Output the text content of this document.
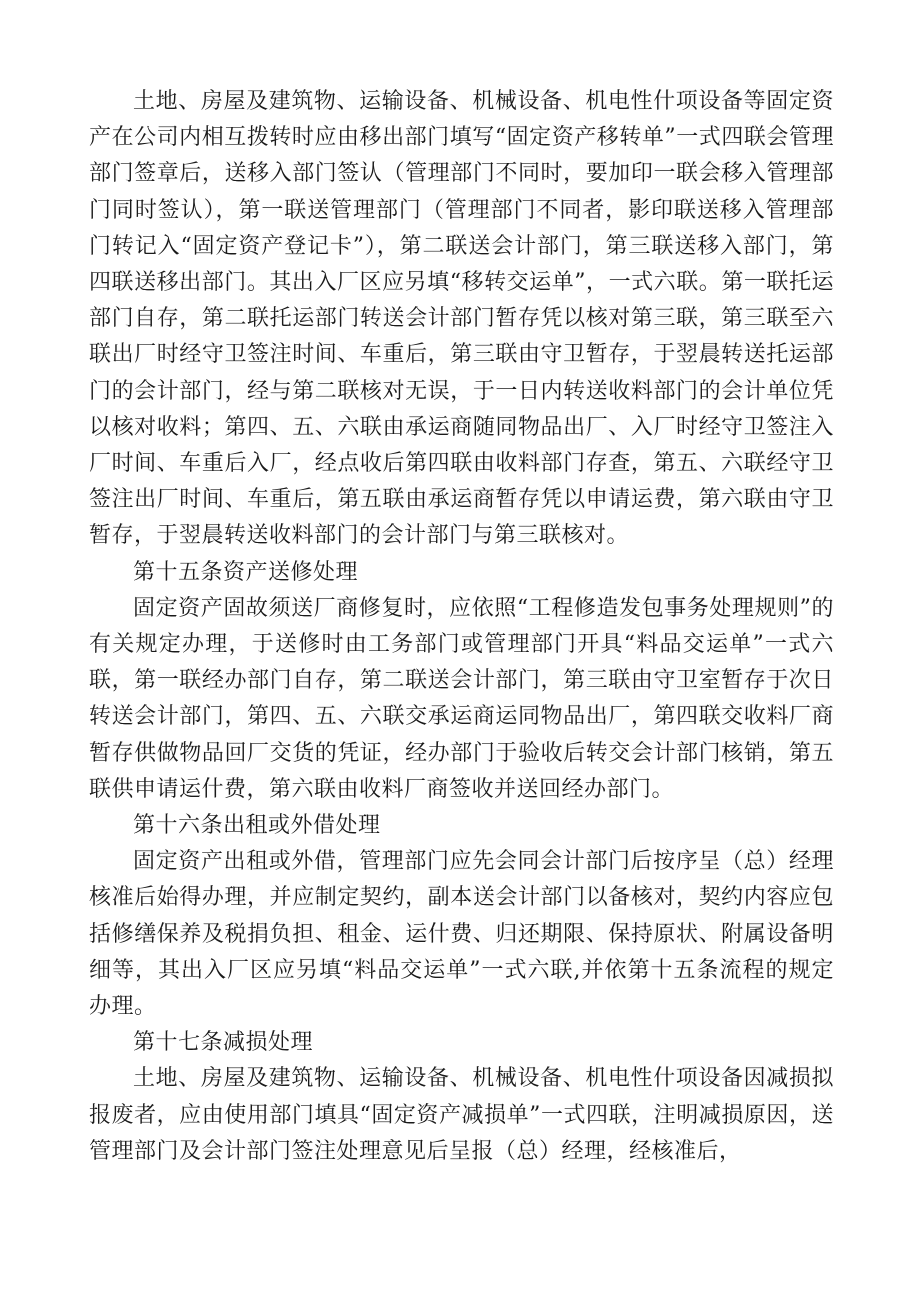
土地、房屋及建筑物、运输设备、机械设备、机电性什项设备等固定资产在公司内相互拨转时应由移出部门填写“固定资产移转单”一式四联会管理部门签章后，送移入部门签认（管理部门不同时，要加印一联会移入管理部门同时签认），第一联送管理部门（管理部门不同者，影印联送移入管理部门转记入“固定资产登记卡”），第二联送会计部门，第三联送移入部门，第四联送移出部门。其出入厂区应另填“移转交运单”，一式六联。第一联托运部门自存，第二联托运部门转送会计部门暂存凭以核对第三联，第三联至六联出厂时经守卫签注时间、车重后，第三联由守卫暂存，于翌晨转送托运部门的会计部门，经与第二联核对无误，于一日内转送收料部门的会计单位凭以核对收料；第四、五、六联由承运商随同物品出厂、入厂时经守卫签注入厂时间、车重后入厂，经点收后第四联由收料部门存查，第五、六联经守卫签注出厂时间、车重后，第五联由承运商暂存凭以申请运费，第六联由守卫暂存，于翌晨转送收料部门的会计部门与第三联核对。

第十五条资产送修处理

固定资产固故须送厂商修复时，应依照“工程修造发包事务处理规则”的有关规定办理，于送修时由工务部门或管理部门开具“料品交运单”一式六联，第一联经办部门自存，第二联送会计部门，第三联由守卫室暂存于次日转送会计部门，第四、五、六联交承运商运同物品出厂，第四联交收料厂商暂存供做物品回厂交货的凭证，经办部门于验收后转交会计部门核销，第五联供申请运什费，第六联由收料厂商签收并送回经办部门。

第十六条出租或外借处理

固定资产出租或外借，管理部门应先会同会计部门后按序呈（总）经理核准后始得办理，并应制定契约，副本送会计部门以备核对，契约内容应包括修缮保养及税捐负担、租金、运什费、归还期限、保持原状、附属设备明细等，其出入厂区应另填“料品交运单”一式六联,并依第十五条流程的规定办理。

第十七条减损处理

土地、房屋及建筑物、运输设备、机械设备、机电性什项设备因减损拟报废者，应由使用部门填具“固定资产减损单”一式四联，注明减损原因，送管理部门及会计部门签注处理意见后呈报（总）经理，经核准后，
